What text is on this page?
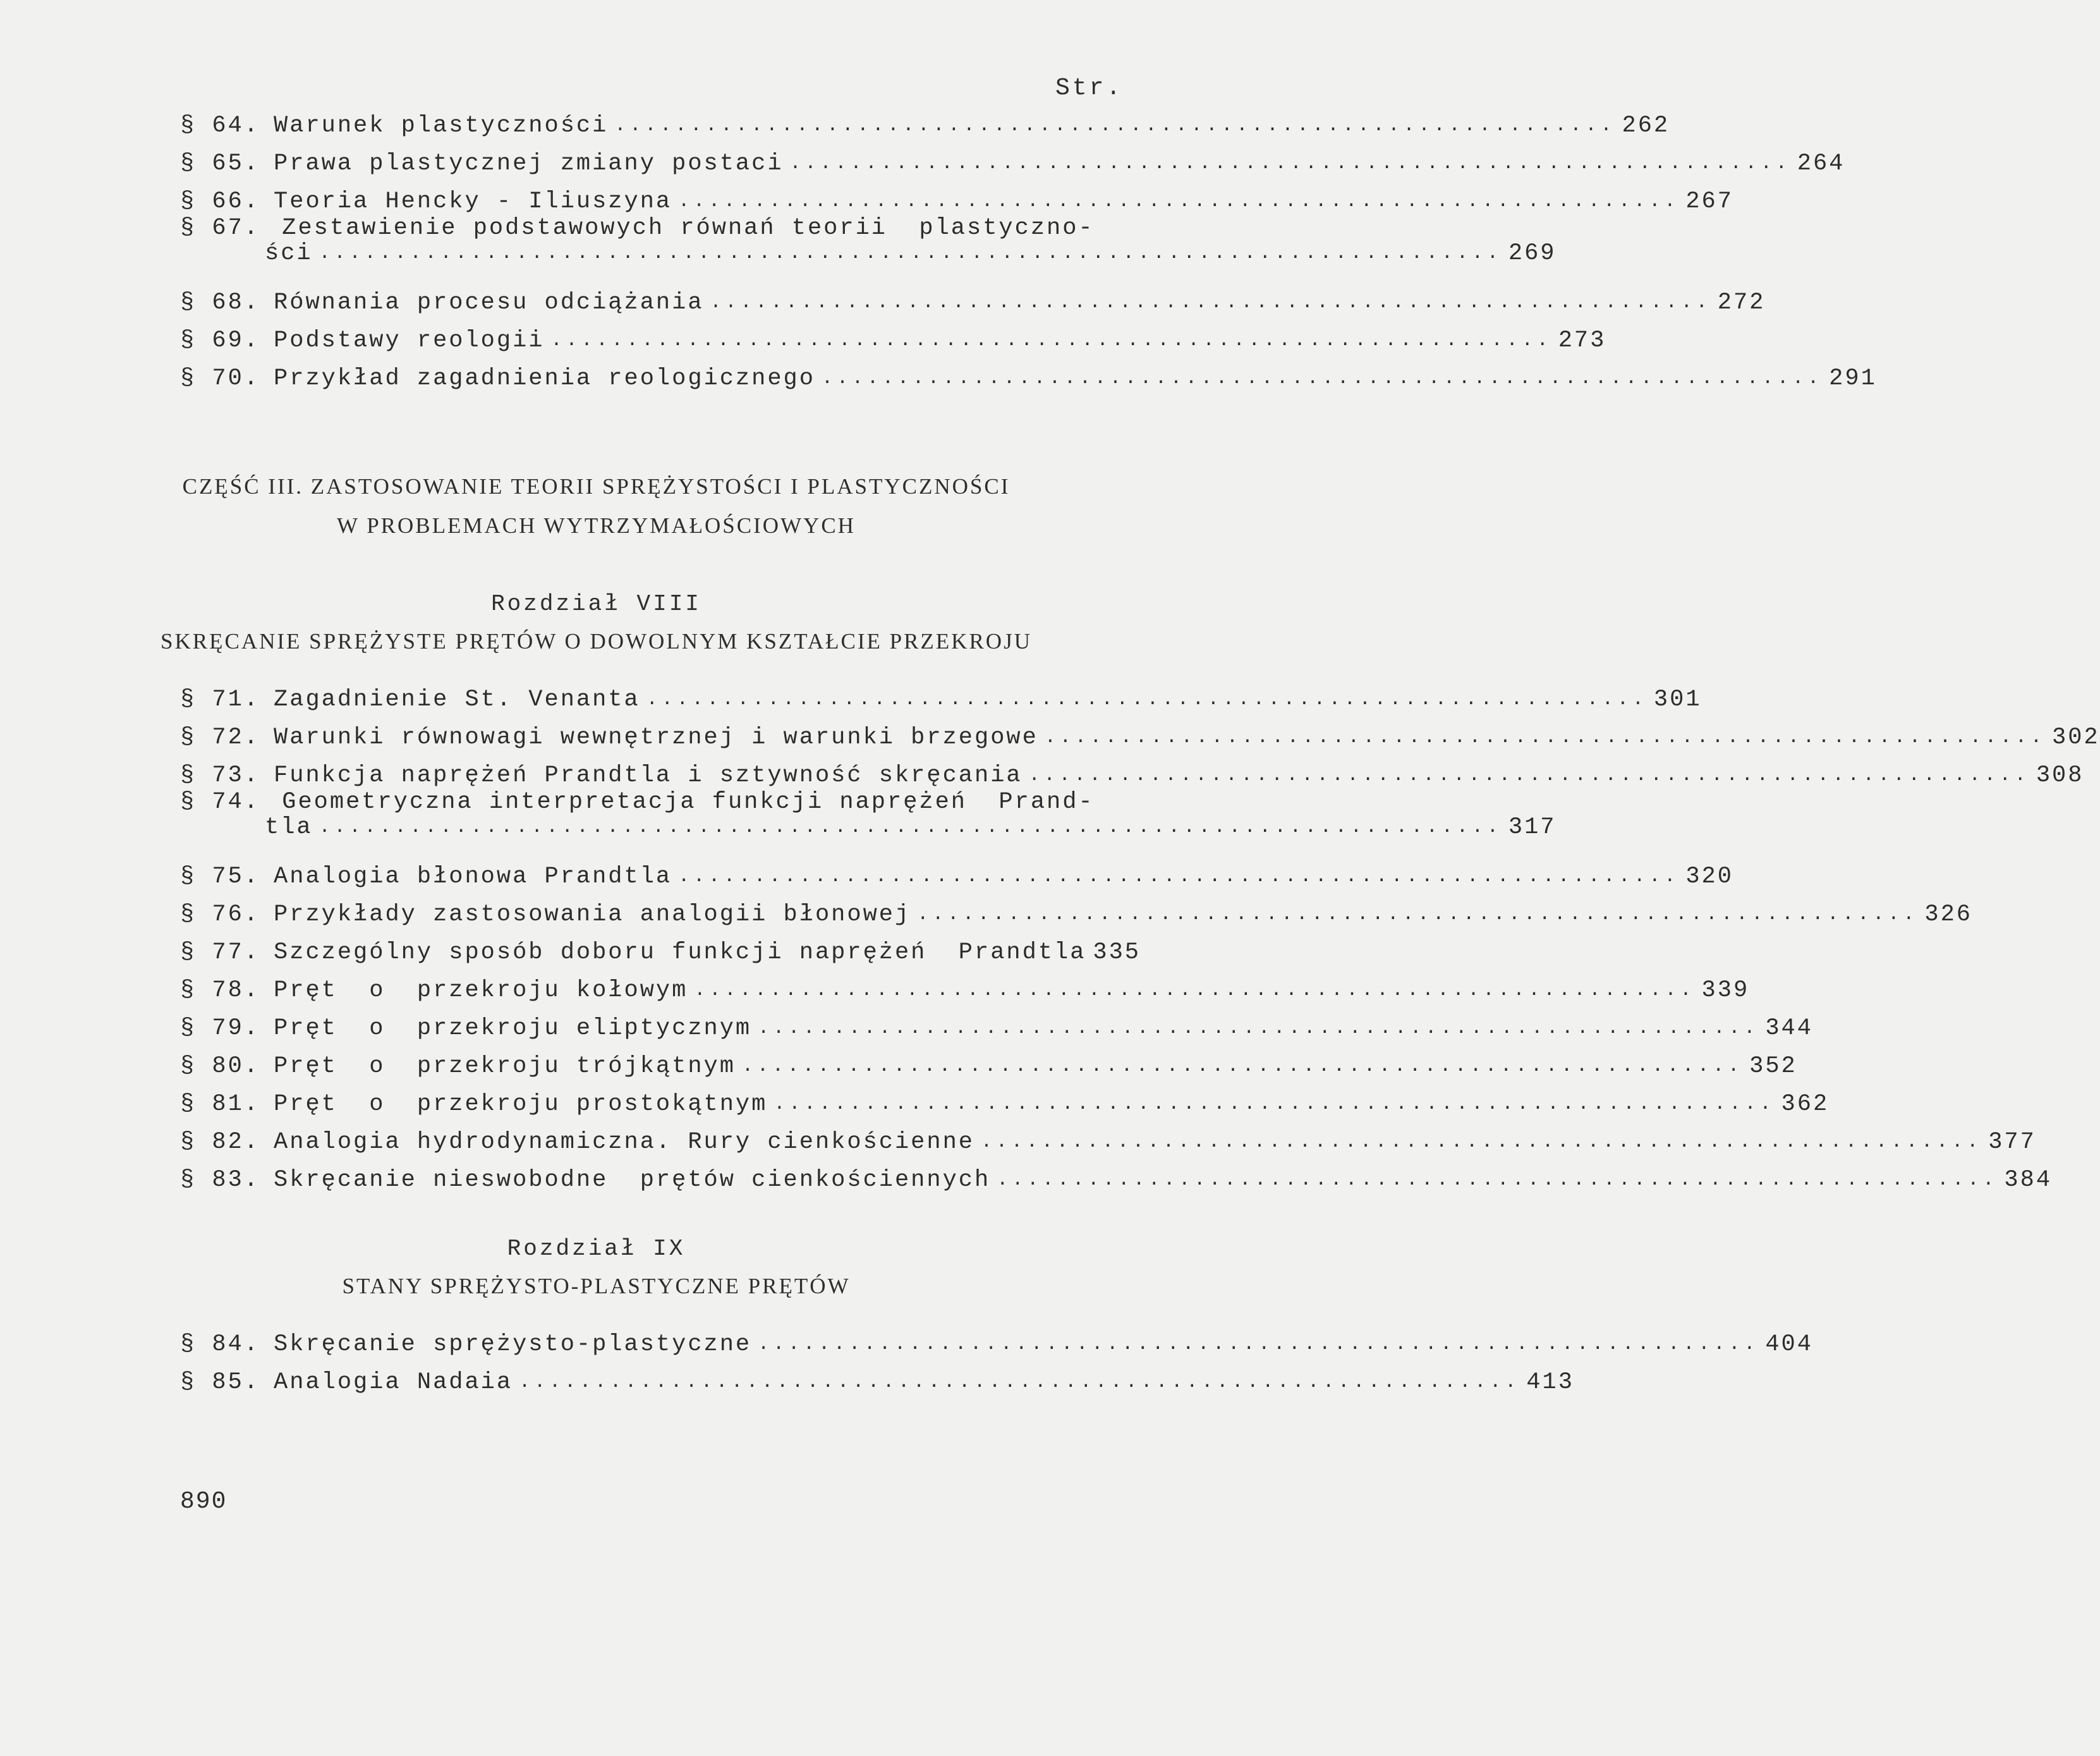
Str.
§ 64. Warunek plastyczności .................................................................. 262
§ 65. Prawa plastycznej zmiany postaci .................................................................. 264
§ 66. Teoria Hencky - Iliuszyna .................................................................. 267
§ 67. Zestawienie podstawowych równań teorii  plastyczno-
ści .............................................................................. 269
§ 68. Równania procesu odciążania .................................................................. 272
§ 69. Podstawy reologii .................................................................. 273
§ 70. Przykład zagadnienia reologicznego .................................................................. 291
CZĘŚĆ III. ZASTOSOWANIE TEORII SPRĘŻYSTOŚCI I PLASTYCZNOŚCI
W PROBLEMACH WYTRZYMAŁOŚCIOWYCH
Rozdział VIII
SKRĘCANIE SPRĘŻYSTE PRĘTÓW O DOWOLNYM KSZTAŁCIE PRZEKROJU
§ 71. Zagadnienie St. Venanta .................................................................. 301
§ 72. Warunki równowagi wewnętrznej i warunki brzegowe .................................................................. 302
§ 73. Funkcja naprężeń Prandtla i sztywność skręcania .................................................................. 308
§ 74. Geometryczna interpretacja funkcji naprężeń  Prand-
tla .............................................................................. 317
§ 75. Analogia błonowa Prandtla .................................................................. 320
§ 76. Przykłady zastosowania analogii błonowej .................................................................. 326
§ 77. Szczególny sposób doboru funkcji naprężeń  Prandtla 335
§ 78. Pręt  o  przekroju kołowym .................................................................. 339
§ 79. Pręt  o  przekroju eliptycznym .................................................................. 344
§ 80. Pręt  o  przekroju trójkątnym .................................................................. 352
§ 81. Pręt  o  przekroju prostokątnym .................................................................. 362
§ 82. Analogia hydrodynamiczna. Rury cienkościenne .................................................................. 377
§ 83. Skręcanie nieswobodne  prętów cienkościennych .................................................................. 384
Rozdział IX
STANY SPRĘŻYSTO-PLASTYCZNE PRĘTÓW
§ 84. Skręcanie sprężysto-plastyczne .................................................................. 404
§ 85. Analogia Nadaia .................................................................. 413
890
